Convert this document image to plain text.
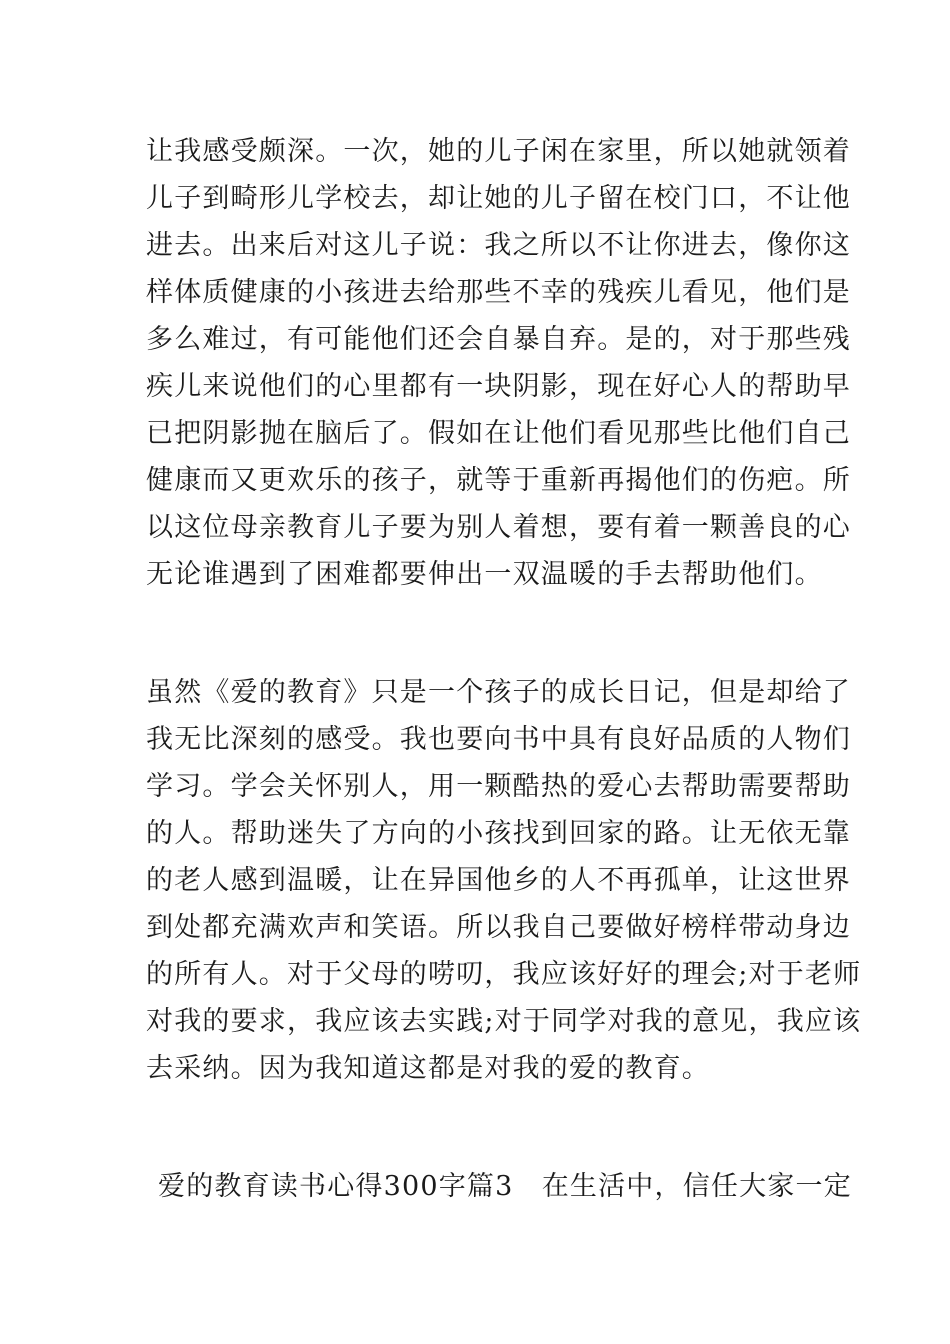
让我感受颇深。一次，她的儿子闲在家里，所以她就领着
儿子到畸形儿学校去，却让她的儿子留在校门口，不让他
进去。出来后对这儿子说：我之所以不让你进去，像你这
样体质健康的小孩进去给那些不幸的残疾儿看见，他们是
多么难过，有可能他们还会自暴自弃。是的，对于那些残
疾儿来说他们的心里都有一块阴影，现在好心人的帮助早
已把阴影抛在脑后了。假如在让他们看见那些比他们自己
健康而又更欢乐的孩子，就等于重新再揭他们的伤疤。所
以这位母亲教育儿子要为别人着想，要有着一颗善良的心
无论谁遇到了困难都要伸出一双温暖的手去帮助他们。
虽然《爱的教育》只是一个孩子的成长日记，但是却给了
我无比深刻的感受。我也要向书中具有良好品质的人物们
学习。学会关怀别人，用一颗酷热的爱心去帮助需要帮助
的人。帮助迷失了方向的小孩找到回家的路。让无依无靠
的老人感到温暖，让在异国他乡的人不再孤单，让这世界
到处都充满欢声和笑语。所以我自己要做好榜样带动身边
的所有人。对于父母的唠叨，我应该好好的理会;对于老师
对我的要求，我应该去实践;对于同学对我的意见，我应该
去采纳。因为我知道这都是对我的爱的教育。
爱的教育读书心得300字篇3　在生活中，信任大家一定
